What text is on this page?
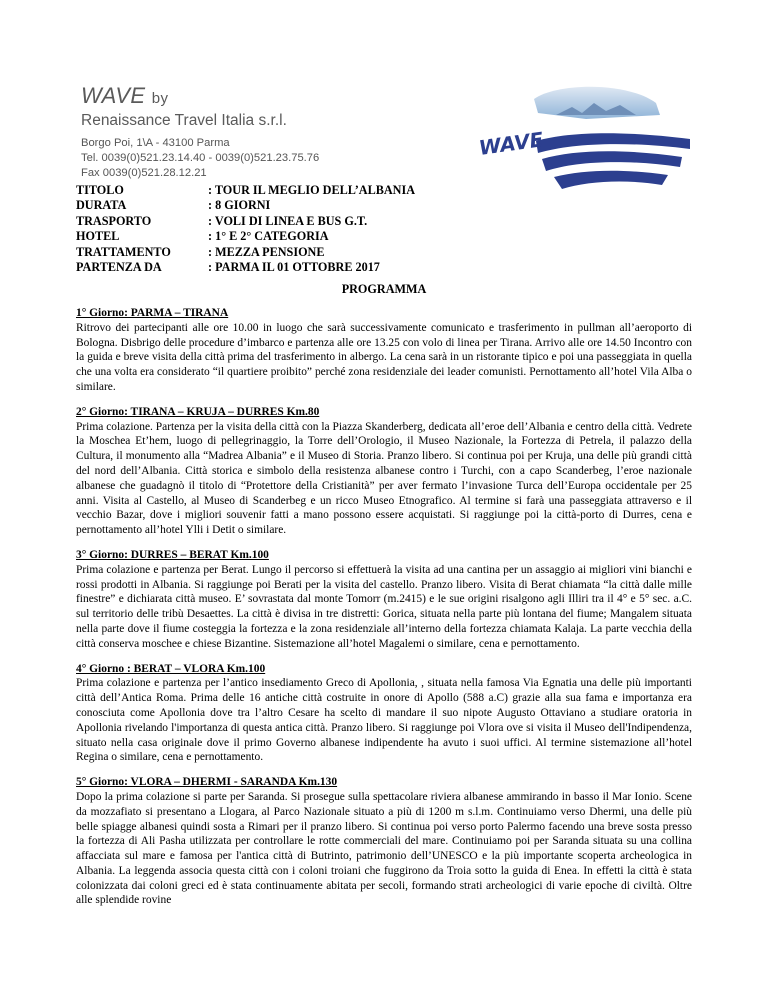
WAVE by
Renaissance Travel Italia s.r.l.
Borgo Poi, 1\A - 43100 Parma
Tel. 0039(0)521.23.14.40 - 0039(0)521.23.75.76
Fax 0039(0)521.28.12.21
WAVE
TITOLO	: TOUR IL MEGLIO DELL’ALBANIA
DURATA	: 8 GIORNI
TRASPORTO	: VOLI DI LINEA E BUS G.T.
HOTEL	: 1° E 2° CATEGORIA
TRATTAMENTO	: MEZZA PENSIONE
PARTENZA DA	: PARMA IL 01 OTTOBRE 2017
PROGRAMMA
1° Giorno: PARMA – TIRANA

Ritrovo dei partecipanti alle ore 10.00 in luogo che sarà successivamente comunicato e trasferimento in pullman all’aeroporto di Bologna. Disbrigo delle procedure d’imbarco e partenza alle ore 13.25 con volo di linea per Tirana. Arrivo alle ore 14.50 Incontro con la guida e breve visita della città prima del trasferimento in albergo. La cena sarà in un ristorante tipico e poi una passeggiata in quella che una volta era considerato “il quartiere proibito” perché zona residenziale dei leader comunisti. Pernottamento all’hotel Vila Alba o similare.

2° Giorno: TIRANA – KRUJA – DURRES Km.80

Prima colazione. Partenza per la visita della città con la Piazza Skanderberg, dedicata all’eroe dell’Albania e centro della città. Vedrete la Moschea Et’hem, luogo di pellegrinaggio, la Torre dell’Orologio, il Museo Nazionale, la Fortezza di Petrela, il palazzo della Cultura, il monumento alla “Madrea Albania” e il Museo di Storia. Pranzo libero. Si continua poi per Kruja, una delle più grandi città del nord dell’Albania. Città storica e simbolo della resistenza albanese contro i Turchi, con a capo Scanderbeg, l’eroe nazionale albanese che guadagnò il titolo di “Protettore della Cristianità” per aver fermato l’invasione Turca dell’Europa occidentale per 25 anni. Visita al Castello, al Museo di Scanderbeg e un ricco Museo Etnografico. Al termine si farà una passeggiata attraverso e il vecchio Bazar, dove i migliori souvenir fatti a mano possono essere acquistati. Si raggiunge poi la città-porto di Durres, cena e pernottamento all’hotel Ylli i Detit o similare.

3° Giorno: DURRES – BERAT Km.100

Prima colazione e partenza per Berat. Lungo il percorso si effettuerà la visita ad una cantina per un assaggio ai migliori vini bianchi e rossi prodotti in Albania. Si raggiunge poi Berati per la visita del castello. Pranzo libero. Visita di Berat chiamata “la città dalle mille finestre” e dichiarata città museo. E’ sovrastata dal monte Tomorr (m.2415) e le sue origini risalgono agli Illiri tra il 4° e 5° sec. a.C. sul territorio delle tribù Desaettes. La città è divisa in tre distretti: Gorica, situata nella parte più lontana del fiume; Mangalem situata nella parte dove il fiume costeggia la fortezza e la zona residenziale all’interno della fortezza chiamata Kalaja. La parte vecchia della città conserva moschee e chiese Bizantine. Sistemazione all’hotel Magalemi o similare, cena e pernottamento.

4° Giorno : BERAT – VLORA Km.100

Prima colazione e partenza per l’antico insediamento Greco di Apollonia, , situata nella famosa Via Egnatia una delle più importanti città dell’Antica Roma. Prima delle 16 antiche città costruite in onore di Apollo (588 a.C) grazie alla sua fama e importanza era conosciuta come Apollonia dove tra l’altro Cesare ha scelto di mandare il suo nipote Augusto Ottaviano a studiare oratoria in Apollonia rivelando l'importanza di questa antica città. Pranzo libero. Si raggiunge poi Vlora ove si visita il Museo dell'Indipendenza, situato nella casa originale dove il primo Governo albanese indipendente ha avuto i suoi uffici. Al termine sistemazione all’hotel Regina o similare, cena e pernottamento.

5° Giorno: VLORA – DHERMI - SARANDA Km.130

Dopo la prima colazione si parte per Saranda. Si prosegue sulla spettacolare riviera albanese ammirando in basso il Mar Ionio. Scene da mozzafiato si presentano a Llogara, al Parco Nazionale situato a più di 1200 m s.l.m. Continuiamo verso Dhermi, una delle più belle spiagge albanesi quindi sosta a Rimari per il pranzo libero. Si continua poi verso porto Palermo facendo una breve sosta presso la fortezza di Ali Pasha utilizzata per controllare le rotte commerciali del mare. Continuiamo poi per Saranda situata su una collina affacciata sul mare e famosa per l'antica città di Butrinto, patrimonio dell’UNESCO e la più importante scoperta archeologica in Albania. La leggenda associa questa città con i coloni troiani che fuggirono da Troia sotto la guida di Enea. In effetti la città è stata colonizzata dai coloni greci ed è stata continuamente abitata per secoli, formando strati archeologici di varie epoche di civiltà. Oltre alle splendide rovine
